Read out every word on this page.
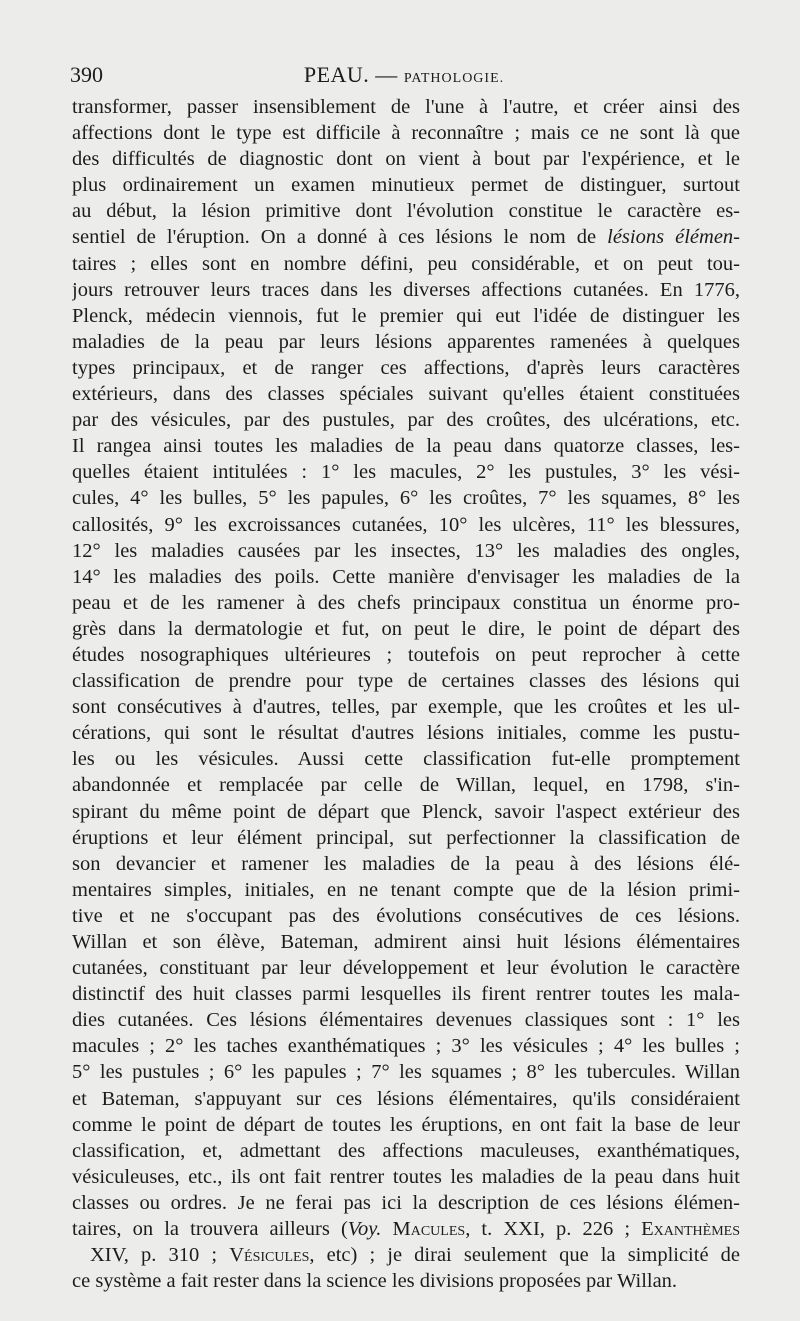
390	PEAU. — PATHOLOGIE.
transformer, passer insensiblement de l'une à l'autre, et créer ainsi des
affections dont le type est difficile à reconnaître ; mais ce ne sont là que
des difficultés de diagnostic dont on vient à bout par l'expérience, et le
plus ordinairement un examen minutieux permet de distinguer, surtout
au début, la lésion primitive dont l'évolution constitue le caractère es-
sentiel de l'éruption. On a donné à ces lésions le nom de lésions élémen-
taires ; elles sont en nombre défini, peu considérable, et on peut tou-
jours retrouver leurs traces dans les diverses affections cutanées. En 1776,
Plenck, médecin viennois, fut le premier qui eut l'idée de distinguer les
maladies de la peau par leurs lésions apparentes ramenées à quelques
types principaux, et de ranger ces affections, d'après leurs caractères
extérieurs, dans des classes spéciales suivant qu'elles étaient constituées
par des vésicules, par des pustules, par des croûtes, des ulcérations, etc.
Il rangea ainsi toutes les maladies de la peau dans quatorze classes, les-
quelles étaient intitulées : 1° les macules, 2° les pustules, 3° les vési-
cules, 4° les bulles, 5° les papules, 6° les croûtes, 7° les squames, 8° les
callosités, 9° les excroissances cutanées, 10° les ulcères, 11° les blessures,
12° les maladies causées par les insectes, 13° les maladies des ongles,
14° les maladies des poils. Cette manière d'envisager les maladies de la
peau et de les ramener à des chefs principaux constitua un énorme pro-
grès dans la dermatologie et fut, on peut le dire, le point de départ des
études nosographiques ultérieures ; toutefois on peut reprocher à cette
classification de prendre pour type de certaines classes des lésions qui
sont consécutives à d'autres, telles, par exemple, que les croûtes et les ul-
cérations, qui sont le résultat d'autres lésions initiales, comme les pustu-
les ou les vésicules. Aussi cette classification fut-elle promptement
abandonnée et remplacée par celle de Willan, lequel, en 1798, s'in-
spirant du même point de départ que Plenck, savoir l'aspect extérieur des
éruptions et leur élément principal, sut perfectionner la classification de
son devancier et ramener les maladies de la peau à des lésions élé-
mentaires simples, initiales, en ne tenant compte que de la lésion primi-
tive et ne s'occupant pas des évolutions consécutives de ces lésions.
Willan et son élève, Bateman, admirent ainsi huit lésions élémentaires
cutanées, constituant par leur développement et leur évolution le caractère
distinctif des huit classes parmi lesquelles ils firent rentrer toutes les mala-
dies cutanées. Ces lésions élémentaires devenues classiques sont : 1° les
macules ; 2° les taches exanthématiques ; 3° les vésicules ; 4° les bulles ;
5° les pustules ; 6° les papules ; 7° les squames ; 8° les tubercules. Willan
et Bateman, s'appuyant sur ces lésions élémentaires, qu'ils considéraient
comme le point de départ de toutes les éruptions, en ont fait la base de leur
classification, et, admettant des affections maculeuses, exanthématiques,
vésiculeuses, etc., ils ont fait rentrer toutes les maladies de la peau dans huit
classes ou ordres. Je ne ferai pas ici la description de ces lésions élémen-
taires, on la trouvera ailleurs (Voy. Macules, t. XXI, p. 226 ; Exanthèmes
XIV, p. 310 ; Vésicules, etc) ; je dirai seulement que la simplicité de
ce système a fait rester dans la science les divisions proposées par Willan.
